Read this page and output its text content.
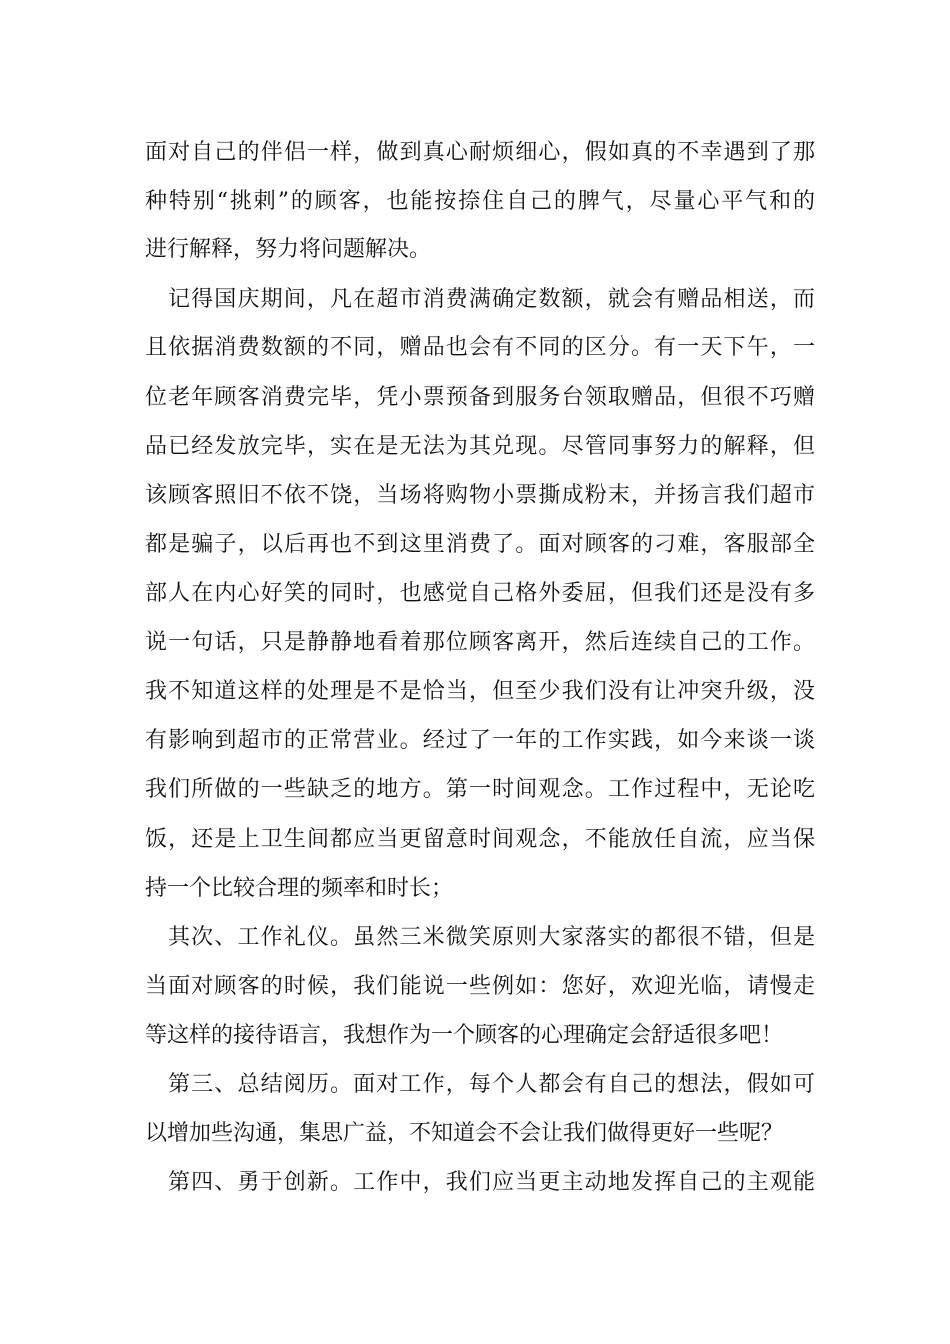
面对自己的伴侣一样，做到真心耐烦细心，假如真的不幸遇到了那
种特别“挑剌”的顾客，也能按捺住自己的脾气，尽量心平气和的
进行解释，努力将问题解决。
记得国庆期间，凡在超市消费满确定数额，就会有赠品相送，而
且依据消费数额的不同，赠品也会有不同的区分。有一天下午，一
位老年顾客消费完毕，凭小票预备到服务台领取赠品，但很不巧赠
品已经发放完毕，实在是无法为其兑现。尽管同事努力的解释，但
该顾客照旧不依不饶，当场将购物小票撕成粉末，并扬言我们超市
都是骗子，以后再也不到这里消费了。面对顾客的刁难，客服部全
部人在内心好笑的同时，也感觉自己格外委屈，但我们还是没有多
说一句话，只是静静地看着那位顾客离开，然后连续自己的工作。
我不知道这样的处理是不是恰当，但至少我们没有让冲突升级，没
有影响到超市的正常营业。经过了一年的工作实践，如今来谈一谈
我们所做的一些缺乏的地方。第一时间观念。工作过程中，无论吃
饭，还是上卫生间都应当更留意时间观念，不能放任自流，应当保
持一个比较合理的频率和时长；
其次、工作礼仪。虽然三米微笑原则大家落实的都很不错，但是
当面对顾客的时候，我们能说一些例如：您好，欢迎光临，请慢走
等这样的接待语言，我想作为一个顾客的心理确定会舒适很多吧！
第三、总结阅历。面对工作，每个人都会有自己的想法，假如可
以增加些沟通，集思广益，不知道会不会让我们做得更好一些呢？
第四、勇于创新。工作中，我们应当更主动地发挥自己的主观能
